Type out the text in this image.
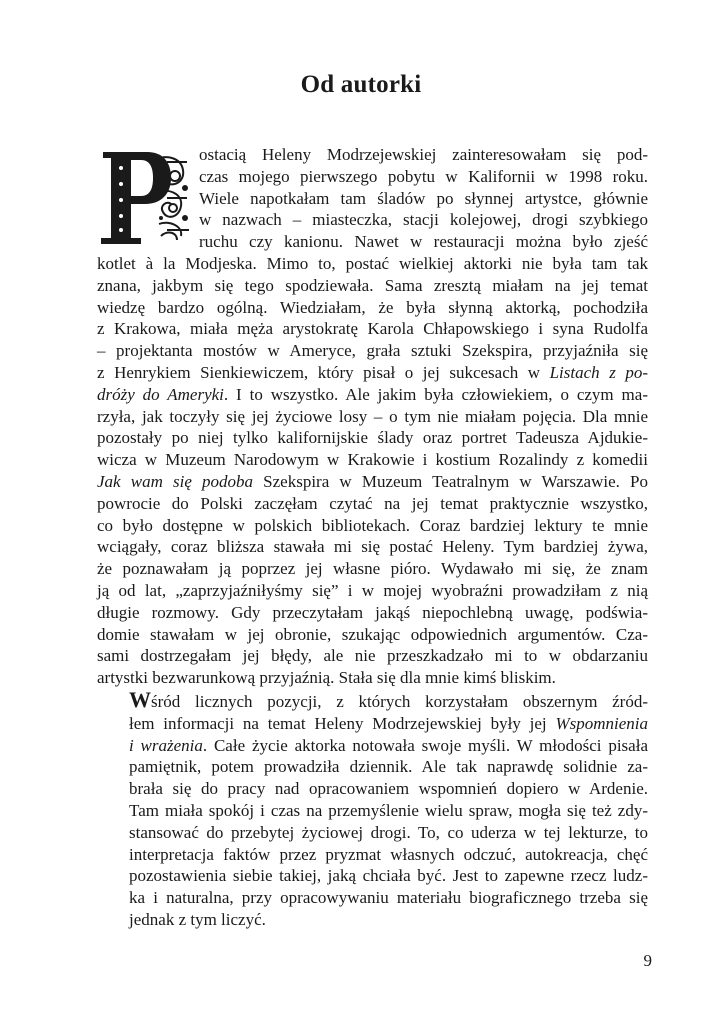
Od autorki

ostacią Heleny Modrzejewskiej zainteresowałam się pod-
czas mojego pierwszego pobytu w Kalifornii w 1998 roku.
Wiele napotkałam tam śladów po słynnej artystce, głównie
w nazwach – miasteczka, stacji kolejowej, drogi szybkiego
ruchu czy kanionu. Nawet w restauracji można było zjeść
kotlet à la Modjeska. Mimo to, postać wielkiej aktorki nie była tam tak
znana, jakbym się tego spodziewała. Sama zresztą miałam na jej temat
wiedzę bardzo ogólną. Wiedziałam, że była słynną aktorką, pochodziła
z Krakowa, miała męża arystokratę Karola Chłapowskiego i syna Rudolfa
– projektanta mostów w Ameryce, grała sztuki Szekspira, przyjaźniła się
z Henrykiem Sienkiewiczem, który pisał o jej sukcesach w Listach z po-
dróży do Ameryki. I to wszystko. Ale jakim była człowiekiem, o czym ma-
rzyła, jak toczyły się jej życiowe losy – o tym nie miałam pojęcia. Dla mnie
pozostały po niej tylko kalifornijskie ślady oraz portret Tadeusza Ajdukie-
wicza w Muzeum Narodowym w Krakowie i kostium Rozalindy z komedii
Jak wam się podoba Szekspira w Muzeum Teatralnym w Warszawie. Po
powrocie do Polski zaczęłam czytać na jej temat praktycznie wszystko,
co było dostępne w polskich bibliotekach. Coraz bardziej lektury te mnie
wciągały, coraz bliższa stawała mi się postać Heleny. Tym bardziej żywa,
że poznawałam ją poprzez jej własne pióro. Wydawało mi się, że znam
ją od lat, „zaprzyjaźniłyśmy się” i w mojej wyobraźni prowadziłam z nią
długie rozmowy. Gdy przeczytałam jakąś niepochlebną uwagę, podświa-
domie stawałam w jej obronie, szukając odpowiednich argumentów. Cza-
sami dostrzegałam jej błędy, ale nie przeszkadzało mi to w obdarzaniu
artystki bezwarunkową przyjaźnią. Stała się dla mnie kimś bliskim.

Wśród licznych pozycji, z których korzystałam obszernym źród-
łem informacji na temat Heleny Modrzejewskiej były jej Wspomnienia
i wrażenia. Całe życie aktorka notowała swoje myśli. W młodości pisała
pamiętnik, potem prowadziła dziennik. Ale tak naprawdę solidnie za-
brała się do pracy nad opracowaniem wspomnień dopiero w Ardenie.
Tam miała spokój i czas na przemyślenie wielu spraw, mogła się też zdy-
stansować do przebytej życiowej drogi. To, co uderza w tej lekturze, to
interpretacja faktów przez pryzmat własnych odczuć, autokreacja, chęć
pozostawienia siebie takiej, jaką chciała być. Jest to zapewne rzecz ludz-
ka i naturalna, przy opracowywaniu materiału biograficznego trzeba się
jednak z tym liczyć.

9
